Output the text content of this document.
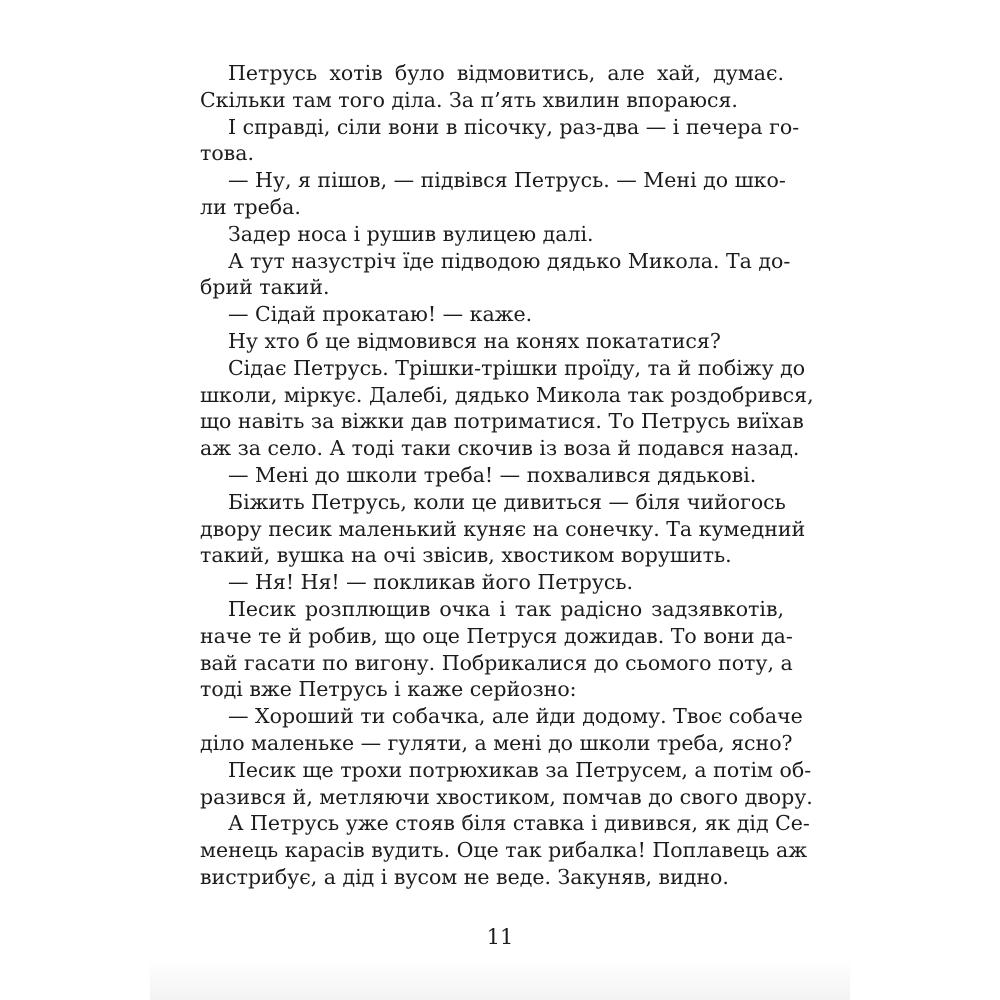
Петрусь хотів було відмовитись, але хай, думає.
Скільки там того діла. За п’ять хвилин впораюся.
І справді, сіли вони в пісочку, раз-два — і печера го-
това.
— Ну, я пішов, — підвівся Петрусь. — Мені до шко-
ли треба.
Задер носа і рушив вулицею далі.
А тут назустріч їде підводою дядько Микола. Та до-
брий такий.
— Сідай прокатаю! — каже.
Ну хто б це відмовився на конях покататися?
Сідає Петрусь. Трішки-трішки проїду, та й побіжу до
школи, міркує. Далебі, дядько Микола так роздобрився,
що навіть за віжки дав потриматися. То Петрусь виїхав
аж за село. А тоді таки скочив із воза й подався назад.
— Мені до школи треба! — похвалився дядькові.
Біжить Петрусь, коли це дивиться — біля чийогось
двору песик маленький куняє на сонечку. Та кумедний
такий, вушка на очі звісив, хвостиком ворушить.
— Ня! Ня! — покликав його Петрусь.
Песик розплющив очка і так радісно задзявкотів,
наче те й робив, що оце Петруся дожидав. То вони да-
вай гасати по вигону. Побрикалися до сьомого поту, а
тоді вже Петрусь і каже серйозно:
— Хороший ти собачка, але йди додому. Твоє собаче
діло маленьке — гуляти, а мені до школи треба, ясно?
Песик ще трохи потрюхикав за Петрусем, а потім об-
разився й, метляючи хвостиком, помчав до свого двору.
А Петрусь уже стояв біля ставка і дивився, як дід Се-
менець карасів вудить. Оце так рибалка! Поплавець аж
вистрибує, а дід і вусом не веде. Закуняв, видно.
11
